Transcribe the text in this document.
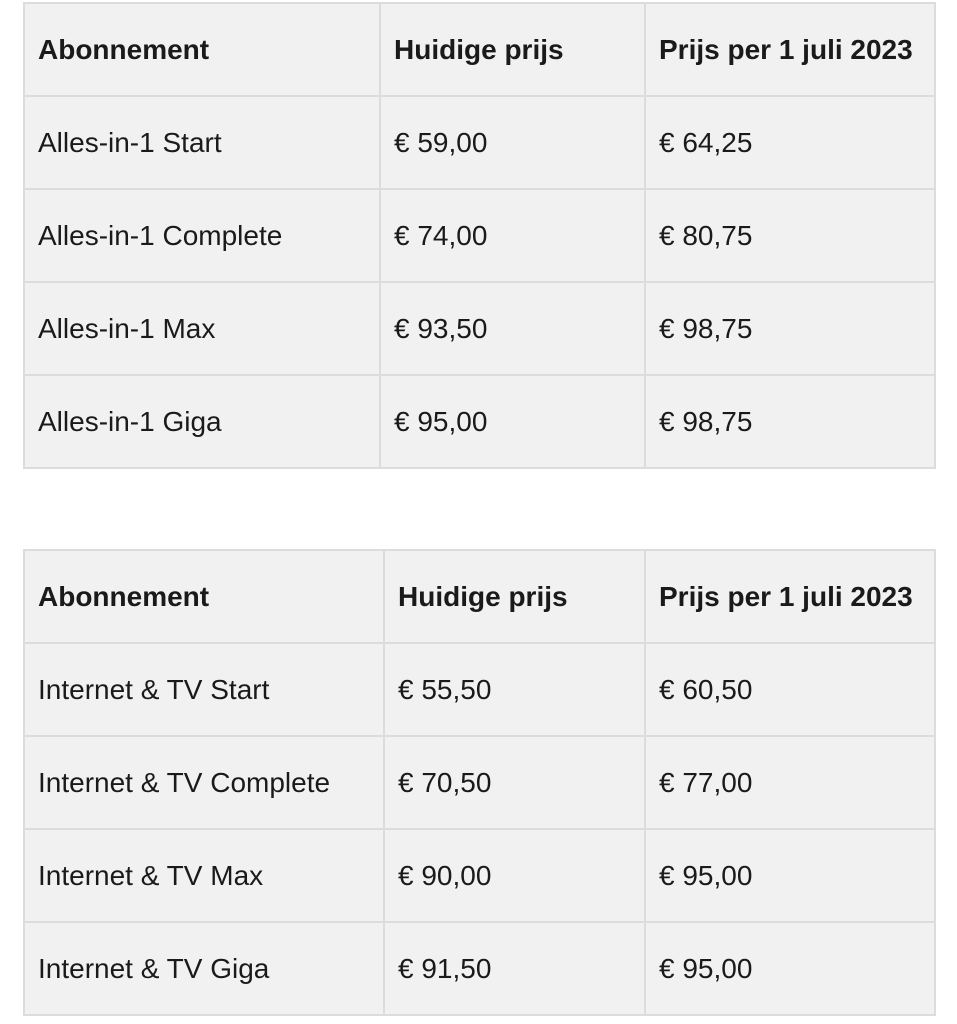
Abonnement	Huidige prijs	Prijs per 1 juli 2023
Alles-in-1 Start	€ 59,00	€ 64,25
Alles-in-1 Complete	€ 74,00	€ 80,75
Alles-in-1 Max	€ 93,50	€ 98,75
Alles-in-1 Giga	€ 95,00	€ 98,75
Abonnement	Huidige prijs	Prijs per 1 juli 2023
Internet & TV Start	€ 55,50	€ 60,50
Internet & TV Complete	€ 70,50	€ 77,00
Internet & TV Max	€ 90,00	€ 95,00
Internet & TV Giga	€ 91,50	€ 95,00
